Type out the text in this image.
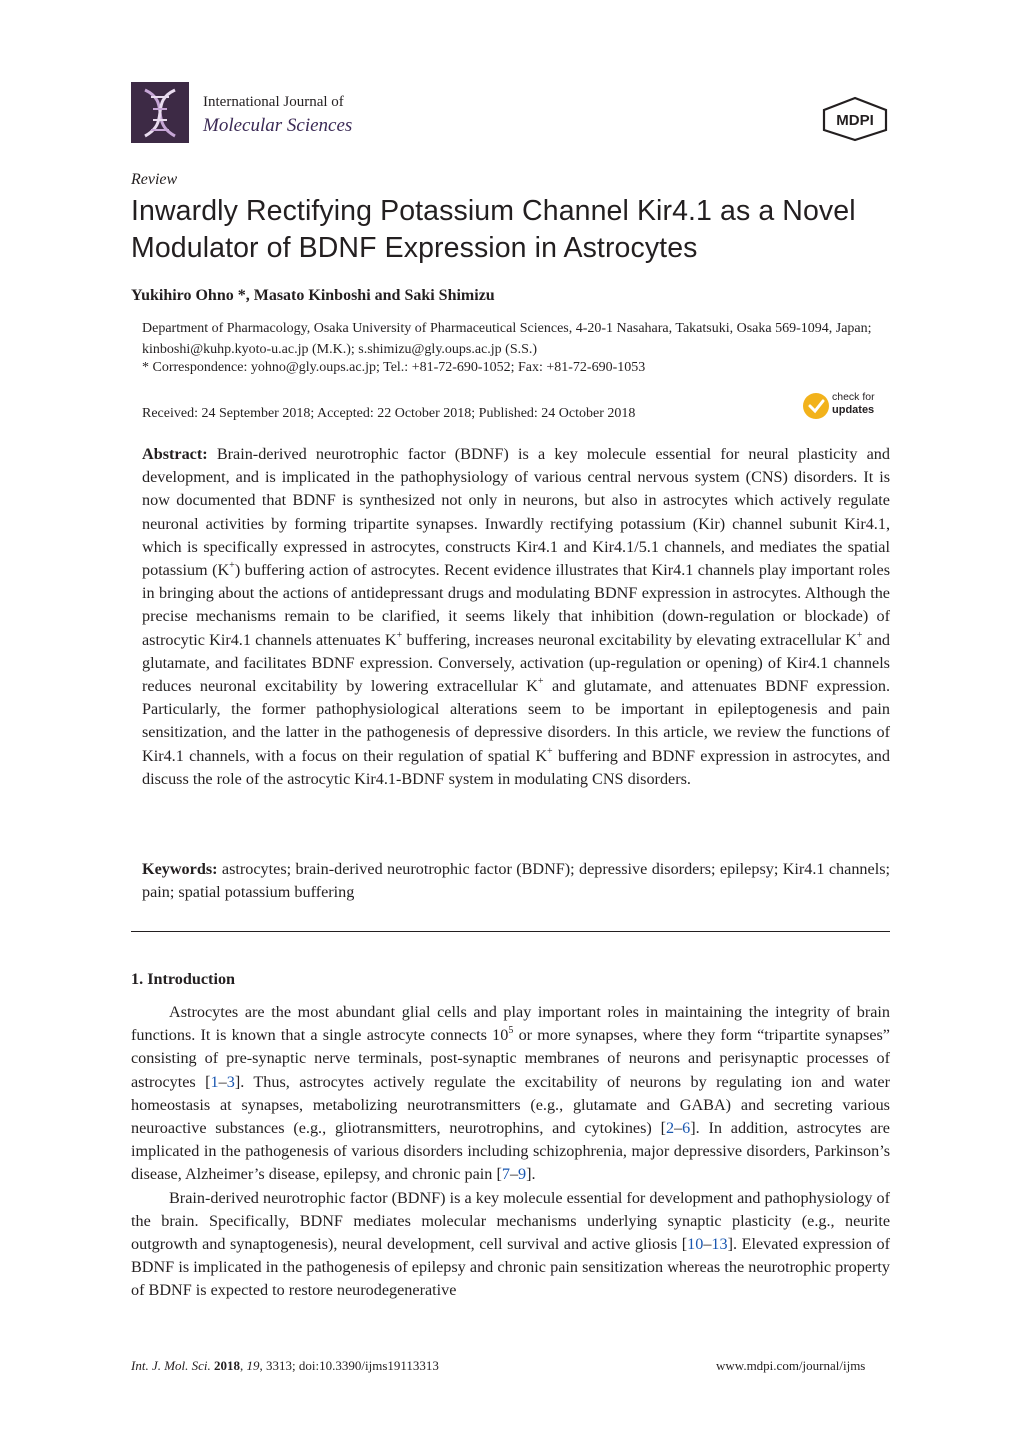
International Journal of
Molecular Sciences	MDPI
Review
Inwardly Rectifying Potassium Channel Kir4.1 as a Novel Modulator of BDNF Expression in Astrocytes
Yukihiro Ohno *, Masato Kinboshi and Saki Shimizu
Department of Pharmacology, Osaka University of Pharmaceutical Sciences, 4-20-1 Nasahara, Takatsuki, Osaka 569-1094, Japan; kinboshi@kuhp.kyoto-u.ac.jp (M.K.); s.shimizu@gly.oups.ac.jp (S.S.)
* Correspondence: yohno@gly.oups.ac.jp; Tel.: +81-72-690-1052; Fax: +81-72-690-1053
Received: 24 September 2018; Accepted: 22 October 2018; Published: 24 October 2018
check for
updates
Abstract: Brain-derived neurotrophic factor (BDNF) is a key molecule essential for neural plasticity and development, and is implicated in the pathophysiology of various central nervous system (CNS) disorders. It is now documented that BDNF is synthesized not only in neurons, but also in astrocytes which actively regulate neuronal activities by forming tripartite synapses. Inwardly rectifying potassium (Kir) channel subunit Kir4.1, which is specifically expressed in astrocytes, constructs Kir4.1 and Kir4.1/5.1 channels, and mediates the spatial potassium (K+) buffering action of astrocytes. Recent evidence illustrates that Kir4.1 channels play important roles in bringing about the actions of antidepressant drugs and modulating BDNF expression in astrocytes. Although the precise mechanisms remain to be clarified, it seems likely that inhibition (down-regulation or blockade) of astrocytic Kir4.1 channels attenuates K+ buffering, increases neuronal excitability by elevating extracellular K+ and glutamate, and facilitates BDNF expression. Conversely, activation (up-regulation or opening) of Kir4.1 channels reduces neuronal excitability by lowering extracellular K+ and glutamate, and attenuates BDNF expression. Particularly, the former pathophysiological alterations seem to be important in epileptogenesis and pain sensitization, and the latter in the pathogenesis of depressive disorders. In this article, we review the functions of Kir4.1 channels, with a focus on their regulation of spatial K+ buffering and BDNF expression in astrocytes, and discuss the role of the astrocytic Kir4.1-BDNF system in modulating CNS disorders.
Keywords: astrocytes; brain-derived neurotrophic factor (BDNF); depressive disorders; epilepsy; Kir4.1 channels; pain; spatial potassium buffering
1. Introduction
Astrocytes are the most abundant glial cells and play important roles in maintaining the integrity of brain functions. It is known that a single astrocyte connects $10^5$ or more synapses, where they form “tripartite synapses” consisting of pre-synaptic nerve terminals, post-synaptic membranes of neurons and perisynaptic processes of astrocytes [1–3]. Thus, astrocytes actively regulate the excitability of neurons by regulating ion and water homeostasis at synapses, metabolizing neurotransmitters (e.g., glutamate and GABA) and secreting various neuroactive substances (e.g., gliotransmitters, neurotrophins, and cytokines) [2–6]. In addition, astrocytes are implicated in the pathogenesis of various disorders including schizophrenia, major depressive disorders, Parkinson’s disease, Alzheimer’s disease, epilepsy, and chronic pain [7–9].
Brain-derived neurotrophic factor (BDNF) is a key molecule essential for development and pathophysiology of the brain. Specifically, BDNF mediates molecular mechanisms underlying synaptic plasticity (e.g., neurite outgrowth and synaptogenesis), neural development, cell survival and active gliosis [10–13]. Elevated expression of BDNF is implicated in the pathogenesis of epilepsy and chronic pain sensitization whereas the neurotrophic property of BDNF is expected to restore neurodegenerative
Int. J. Mol. Sci. 2018, 19, 3313; doi:10.3390/ijms19113313	www.mdpi.com/journal/ijms
